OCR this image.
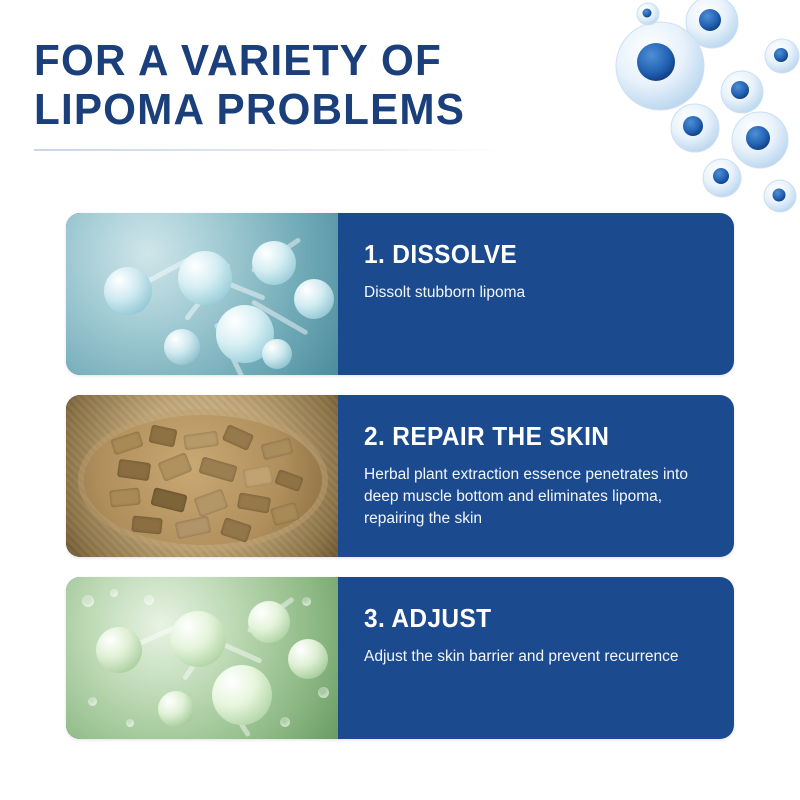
FOR A VARIETY OF
LIPOMA PROBLEMS
1. DISSOLVE
Dissolt stubborn lipoma
2. REPAIR THE SKIN
Herbal plant extraction essence penetrates into deep muscle bottom and eliminates lipoma, repairing the skin
3. ADJUST
Adjust the skin barrier and prevent recurrence
